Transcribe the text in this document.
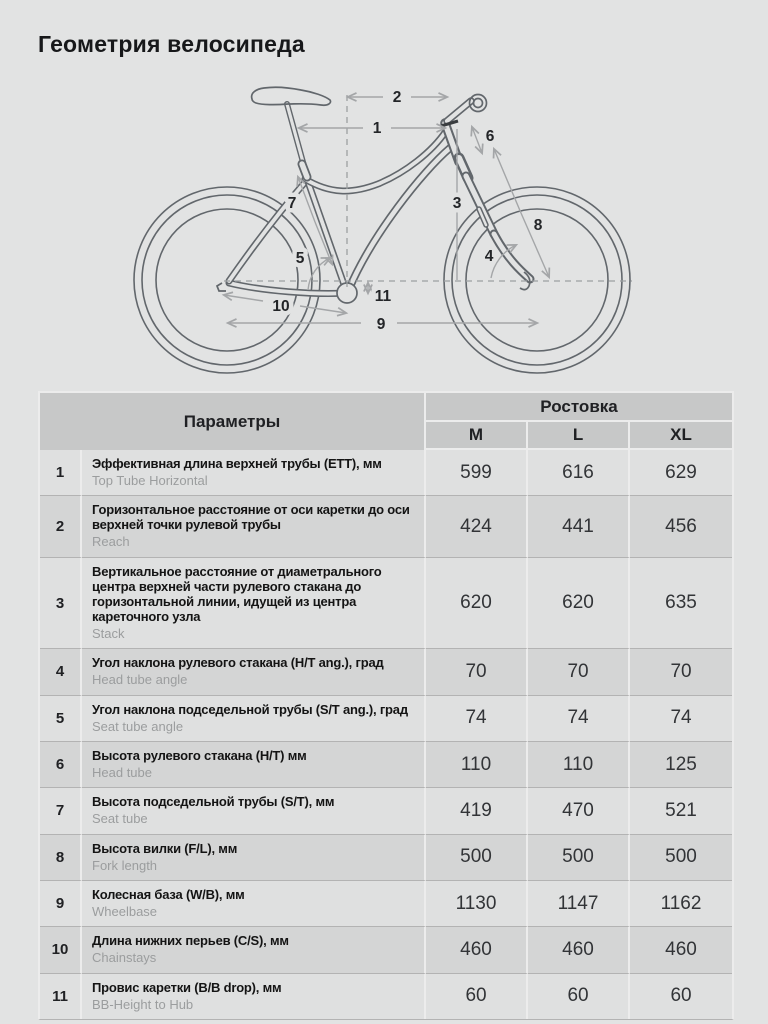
Геометрия велосипеда
1
2
3
4
5
6
7
8
9
10
11
Параметры		Ростовка		
		M	L	XL
1	Эффективная длина верхней трубы (ETT), мм
Top Tube Horizontal	599	616	629
2	Горизонтальное расстояние от оси каретки до оси верхней точки рулевой трубы
Reach	424	441	456
3	Вертикальное расстояние от диаметрального центра верхней части рулевого стакана до горизонтальной линии, идущей из центра кареточного узла
Stack	620	620	635
4	Угол наклона рулевого стакана (H/T ang.), град
Head tube angle	70	70	70
5	Угол наклона подседельной трубы (S/T ang.), град
Seat tube angle	74	74	74
6	Высота рулевого стакана (H/T) мм
Head tube	110	110	125
7	Высота подседельной трубы (S/T), мм
Seat tube	419	470	521
8	Высота вилки (F/L), мм
Fork length	500	500	500
9	Колесная база (W/B), мм
Wheelbase	1130	1147	1162
10	Длина нижних перьев (C/S), мм
Chainstays	460	460	460
11	Провис каретки (B/B drop), мм
BB-Height to Hub	60	60	60
